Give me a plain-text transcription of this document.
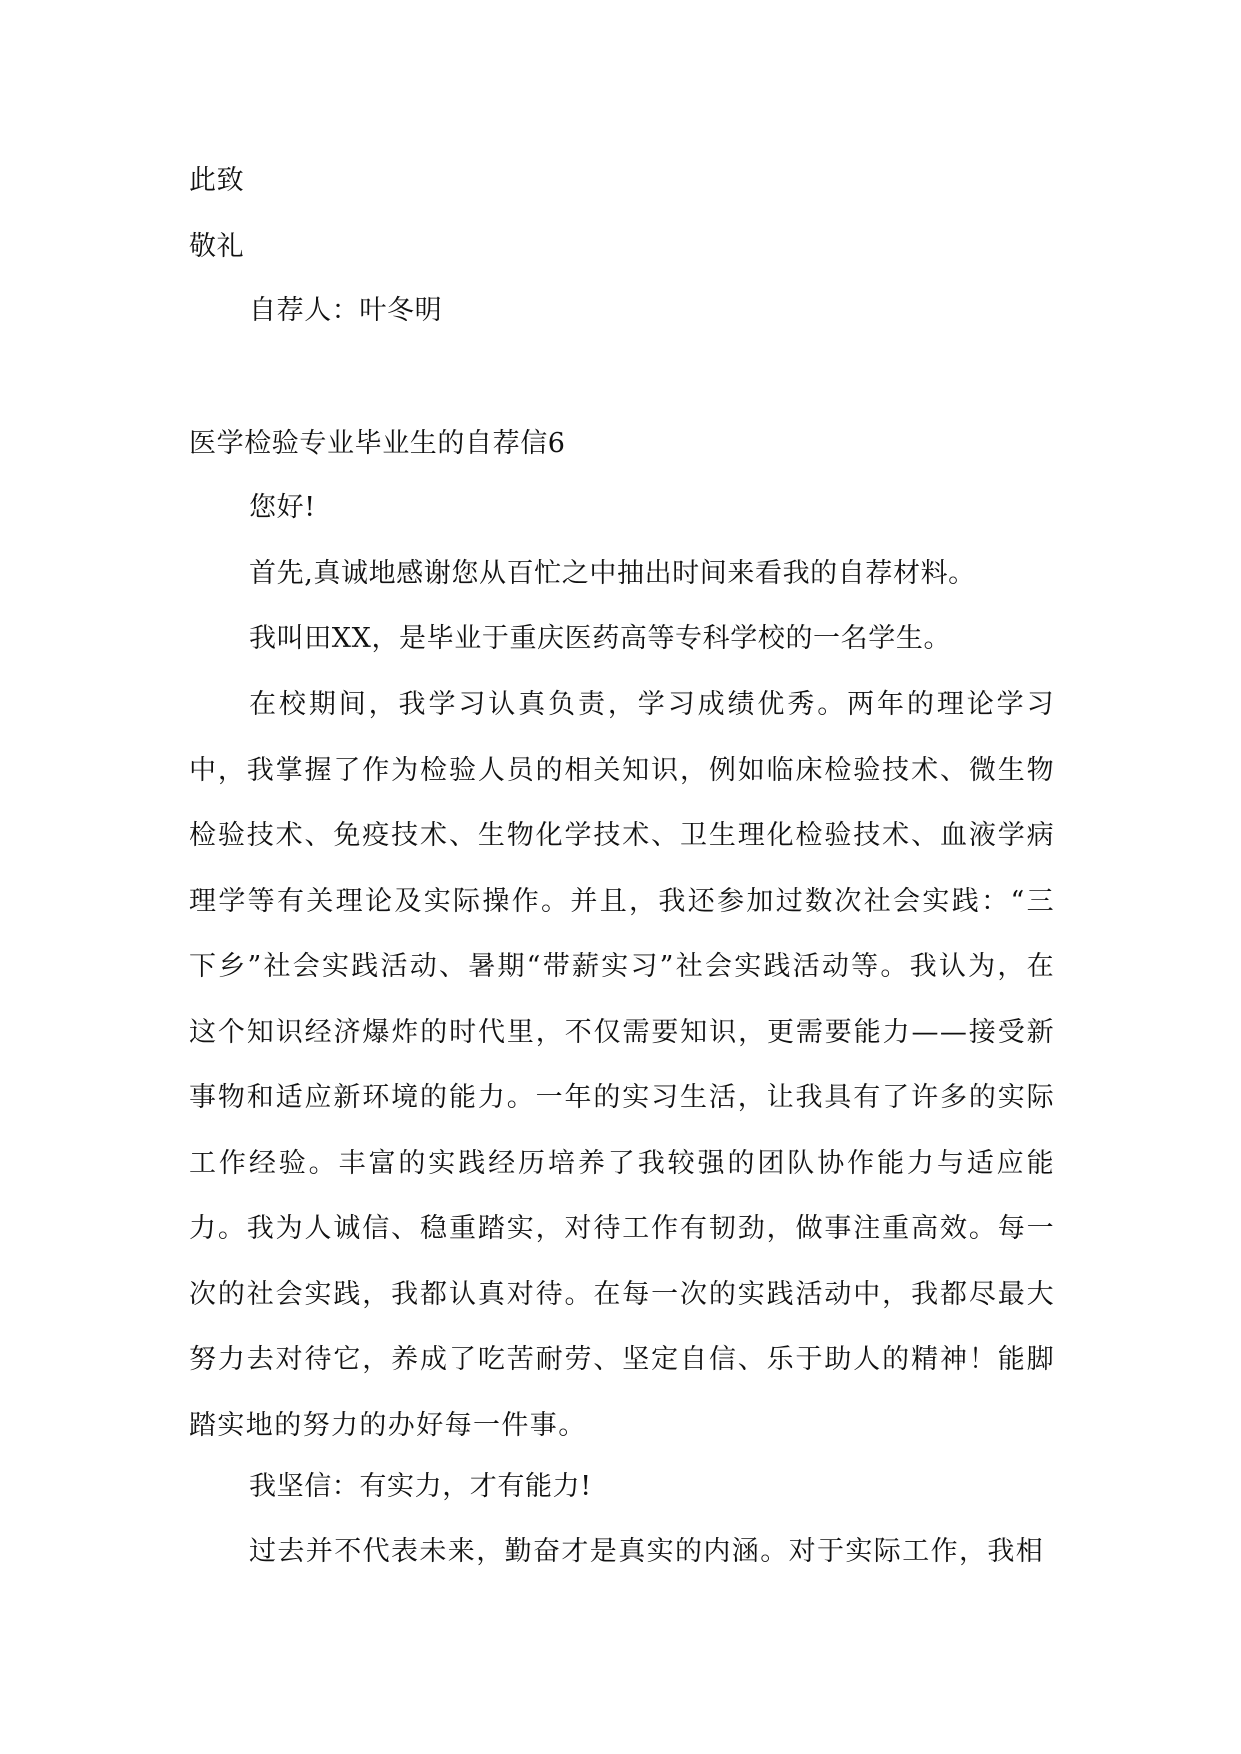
此致
敬礼
自荐人：叶冬明
医学检验专业毕业生的自荐信6
您好!
首先,真诚地感谢您从百忙之中抽出时间来看我的自荐材料。
我叫田XX，是毕业于重庆医药高等专科学校的一名学生。
在校期间，我学习认真负责，学习成绩优秀。两年的理论学习中，我掌握了作为检验人员的相关知识，例如临床检验技术、微生物检验技术、免疫技术、生物化学技术、卫生理化检验技术、血液学病理学等有关理论及实际操作。并且，我还参加过数次社会实践：“三下乡”社会实践活动、暑期“带薪实习”社会实践活动等。我认为，在这个知识经济爆炸的时代里，不仅需要知识，更需要能力——接受新事物和适应新环境的能力。一年的实习生活，让我具有了许多的实际工作经验。丰富的实践经历培养了我较强的团队协作能力与适应能力。我为人诚信、稳重踏实，对待工作有韧劲，做事注重高效。每一次的社会实践，我都认真对待。在每一次的实践活动中，我都尽最大努力去对待它，养成了吃苦耐劳、坚定自信、乐于助人的精神！能脚踏实地的努力的办好每一件事。
我坚信：有实力，才有能力!
过去并不代表未来，勤奋才是真实的内涵。对于实际工作，我相
